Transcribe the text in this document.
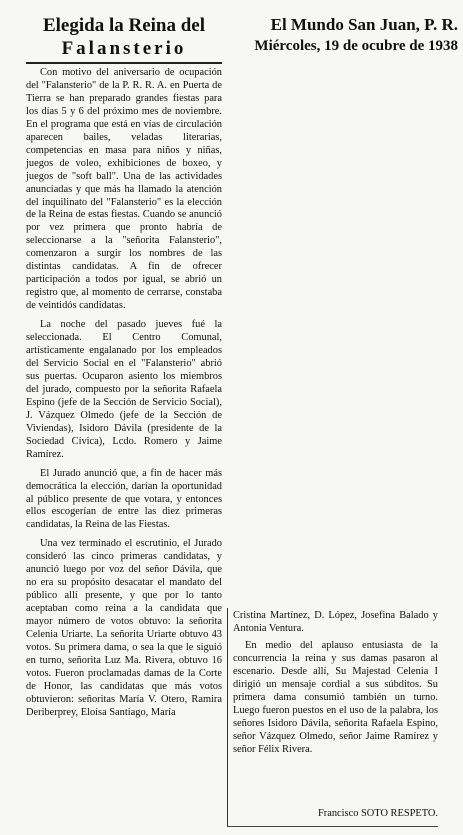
Elegida la Reina del
Falansterio
El Mundo San Juan, P. R.
Miércoles, 19 de ocubre de 1938

Con motivo del aniversario de ocupación del "Falansterio" de la P. R. R. A. en Puerta de Tierra se han preparado grandes fiestas para los días 5 y 6 del próximo mes de noviembre. En el programa que está en vías de circulación aparecen bailes, veladas literarias, competencias en masa para niños y niñas, juegos de voleo, exhibiciones de boxeo, y juegos de "soft ball". Una de las actividades anunciadas y que más ha llamado la atención del inquilinato del "Falansterio" es la elección de la Reina de estas fiestas. Cuando se anunció por vez primera que pronto habría de seleccionarse a la "señorita Falansterio", comenzaron a surgir los nombres de las distintas candidatas. A fin de ofrecer participación a todos por igual, se abrió un registro que, al momento de cerrarse, constaba de veintidós candidatas.

La noche del pasado jueves fué la seleccionada. El Centro Comunal, artísticamente engalanado por los empleados del Servicio Social en el "Falansterio" abrió sus puertas. Ocuparon asiento los miembros del jurado, compuesto por la señorita Rafaela Espino (jefe de la Sección de Servicio Social), J. Vázquez Olmedo (jefe de la Sección de Viviendas), Isidoro Dávila (presidente de la Sociedad Cívica), Lcdo. Romero y Jaime Ramírez.

El Jurado anunció que, a fin de hacer más democrática la elección, darían la oportunidad al público presente de que votara, y entonces ellos escogerían de entre las diez primeras candidatas, la Reina de las Fiestas.

Una vez terminado el escrutinio, el Jurado consideró las cinco primeras candidatas, y anunció luego por voz del señor Dávila, que no era su propósito desacatar el mandato del público allí presente, y que por lo tanto aceptaban como reina a la candidata que mayor número de votos obtuvo: la señorita Celenia Uriarte. La señorita Uriarte obtuvo 43 votos. Su primera dama, o sea la que le siguió en turno, señorita Luz Ma. Rivera, obtuvo 16 votos. Fueron proclamadas damas de la Corte de Honor, las candidatas que más votos obtuvieron: señoritas María V. Otero, Ramira Deriberprey, Eloísa Santiago, María

Cristina Martínez, D. López, Josefina Balado y Antonia Ventura.

En medio del aplauso entusiasta de la concurrencia la reina y sus damas pasaron al escenario. Desde allí, Su Majestad Celenia I dirigió un mensaje cordial a sus súbditos. Su primera dama consumió también un turno. Luego fueron puestos en el uso de la palabra, los señores Isidoro Dávila, señorita Rafaela Espino, señor Vázquez Olmedo, señor Jaime Ramírez y señor Félix Rivera.

Francisco SOTO RESPETO.
